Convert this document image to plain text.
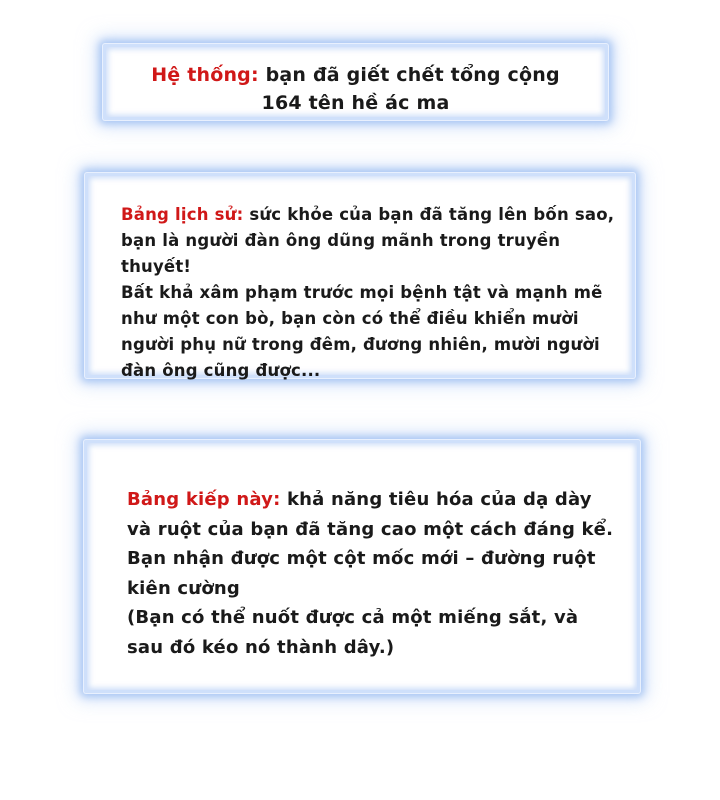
Hệ thống: bạn đã giết chết tổng cộng
164 tên hề ác ma

Bảng lịch sử: sức khỏe của bạn đã tăng lên bốn sao,
bạn là người đàn ông dũng mãnh trong truyền thuyết!
Bất khả xâm phạm trước mọi bệnh tật và mạnh mẽ
như một con bò, bạn còn có thể điều khiển mười
người phụ nữ trong đêm, đương nhiên, mười người
đàn ông cũng được...

Bảng kiếp này: khả năng tiêu hóa của dạ dày
và ruột của bạn đã tăng cao một cách đáng kể.
Bạn nhận được một cột mốc mới – đường ruột
kiên cường
(Bạn có thể nuốt được cả một miếng sắt, và
sau đó kéo nó thành dây.)
